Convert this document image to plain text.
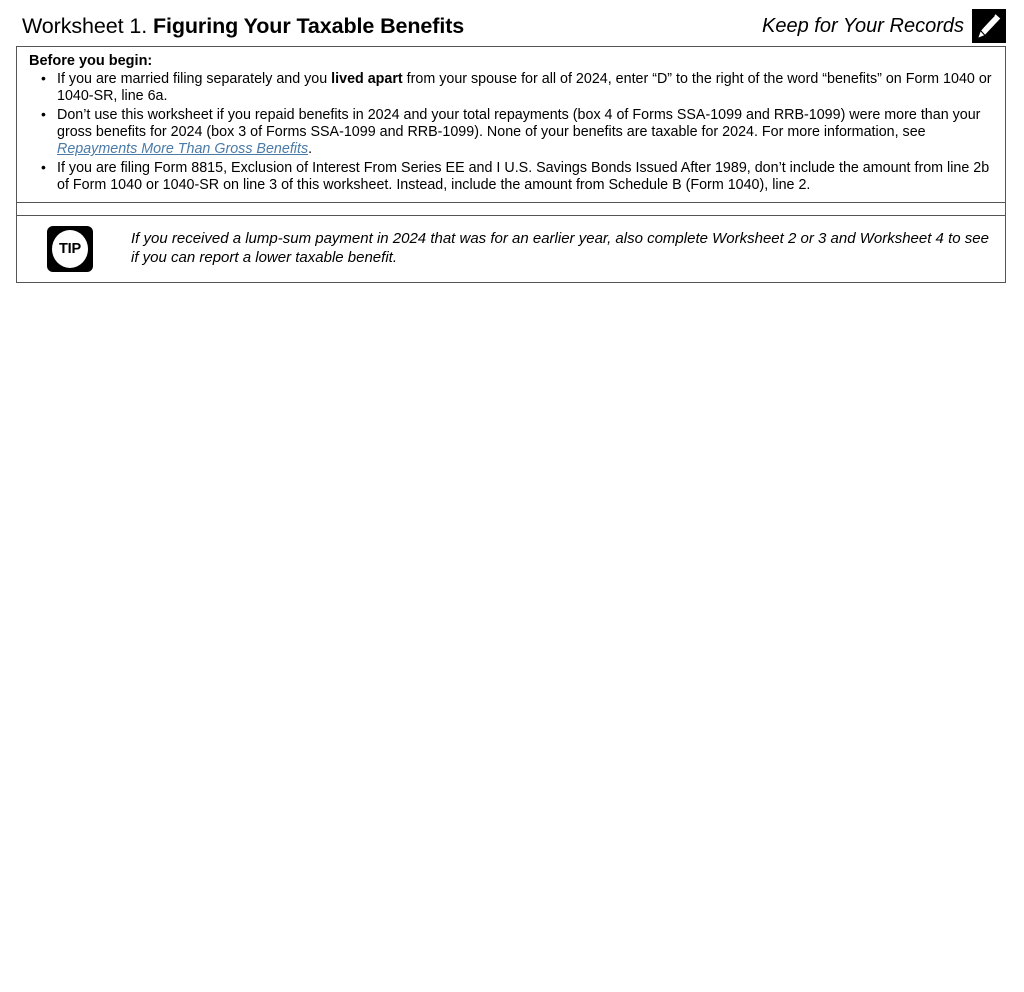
Worksheet 1. Figuring Your Taxable Benefits	Keep for Your Records
Before you begin:
• If you are married filing separately and you lived apart from your spouse for all of 2024, enter “D” to the right of the word “benefits” on Form 1040 or 1040-SR, line 6a.
• Don’t use this worksheet if you repaid benefits in 2024 and your total repayments (box 4 of Forms SSA-1099 and RRB-1099) were more than your gross benefits for 2024 (box 3 of Forms SSA-1099 and RRB-1099). None of your benefits are taxable for 2024. For more information, see Repayments More Than Gross Benefits.
• If you are filing Form 8815, Exclusion of Interest From Series EE and I U.S. Savings Bonds Issued After 1989, don’t include the amount from line 2b of Form 1040 or 1040-SR on line 3 of this worksheet. Instead, include the amount from Schedule B (Form 1040), line 2.
TIP
If you received a lump-sum payment in 2024 that was for an earlier year, also complete Worksheet 2 or 3 and Worksheet 4 to see if you can report a lower taxable benefit.
